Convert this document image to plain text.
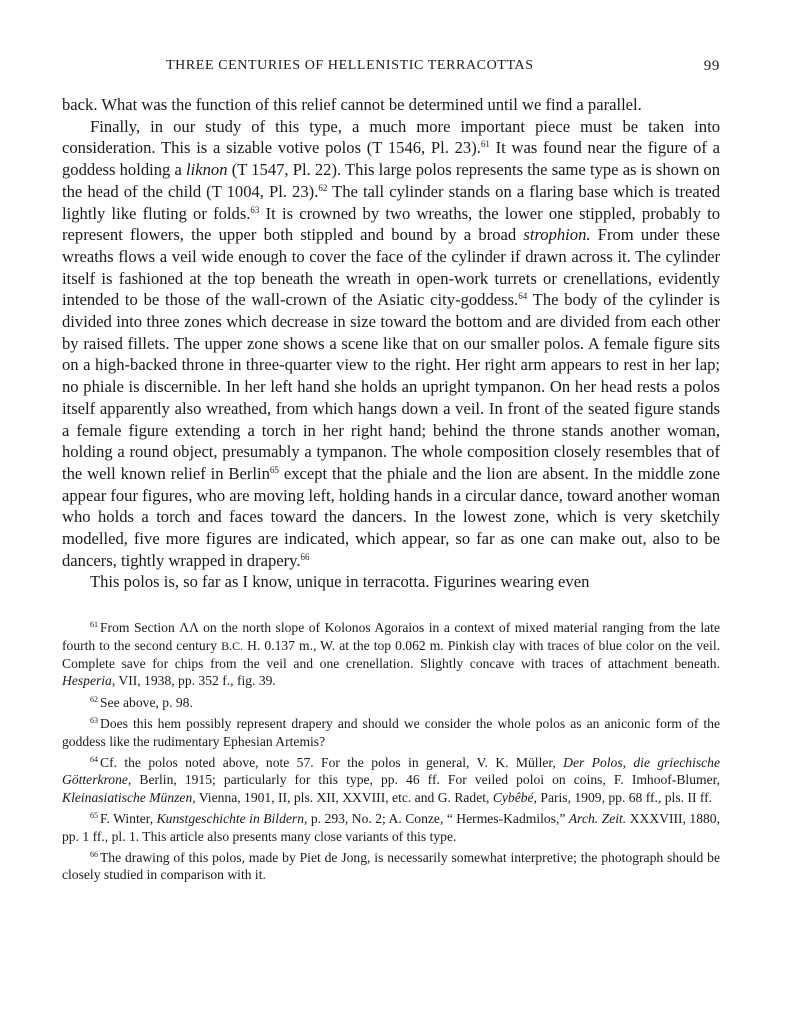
THREE CENTURIES OF HELLENISTIC TERRACOTTAS	99

back. What was the function of this relief cannot be determined until we find a parallel.

Finally, in our study of this type, a much more important piece must be taken into consideration. This is a sizable votive polos (T 1546, Pl. 23).$^{61}$ It was found near the figure of a goddess holding a liknon (T 1547, Pl. 22). This large polos represents the same type as is shown on the head of the child (T 1004, Pl. 23).$^{62}$ The tall cylinder stands on a flaring base which is treated lightly like fluting or folds.$^{63}$ It is crowned by two wreaths, the lower one stippled, probably to represent flowers, the upper both stippled and bound by a broad strophion. From under these wreaths flows a veil wide enough to cover the face of the cylinder if drawn across it. The cylinder itself is fashioned at the top beneath the wreath in open-work turrets or crenellations, evidently intended to be those of the wall-crown of the Asiatic city-goddess.$^{64}$ The body of the cylinder is divided into three zones which decrease in size toward the bottom and are divided from each other by raised fillets. The upper zone shows a scene like that on our smaller polos. A female figure sits on a high-backed throne in three-quarter view to the right. Her right arm appears to rest in her lap; no phiale is discernible. In her left hand she holds an upright tympanon. On her head rests a polos itself apparently also wreathed, from which hangs down a veil. In front of the seated figure stands a female figure extending a torch in her right hand; behind the throne stands another woman, holding a round object, presumably a tympanon. The whole composition closely resembles that of the well known relief in Berlin$^{65}$ except that the phiale and the lion are absent. In the middle zone appear four figures, who are moving left, holding hands in a circular dance, toward another woman who holds a torch and faces toward the dancers. In the lowest zone, which is very sketchily modelled, five more figures are indicated, which appear, so far as one can make out, also to be dancers, tightly wrapped in drapery.$^{66}$

This polos is, so far as I know, unique in terracotta. Figurines wearing even

$^{61}$ From Section ΛΛ on the north slope of Kolonos Agoraios in a context of mixed material ranging from the late fourth to the second century B.C. H. 0.137 m., W. at the top 0.062 m. Pinkish clay with traces of blue color on the veil. Complete save for chips from the veil and one crenellation. Slightly concave with traces of attachment beneath. Hesperia, VII, 1938, pp. 352 f., fig. 39.

$^{62}$ See above, p. 98.

$^{63}$ Does this hem possibly represent drapery and should we consider the whole polos as an aniconic form of the goddess like the rudimentary Ephesian Artemis?

$^{64}$ Cf. the polos noted above, note 57. For the polos in general, V. K. Müller, Der Polos, die griechische Götterkrone, Berlin, 1915; particularly for this type, pp. 46 ff. For veiled poloi on coins, F. Imhoof-Blumer, Kleinasiatische Münzen, Vienna, 1901, II, pls. XII, XXVIII, etc. and G. Radet, Cybêbé, Paris, 1909, pp. 68 ff., pls. II ff.

$^{65}$ F. Winter, Kunstgeschichte in Bildern, p. 293, No. 2; A. Conze, “ Hermes-Kadmilos,” Arch. Zeit. XXXVIII, 1880, pp. 1 ff., pl. 1. This article also presents many close variants of this type.

$^{66}$ The drawing of this polos, made by Piet de Jong, is necessarily somewhat interpretive; the photograph should be closely studied in comparison with it.
